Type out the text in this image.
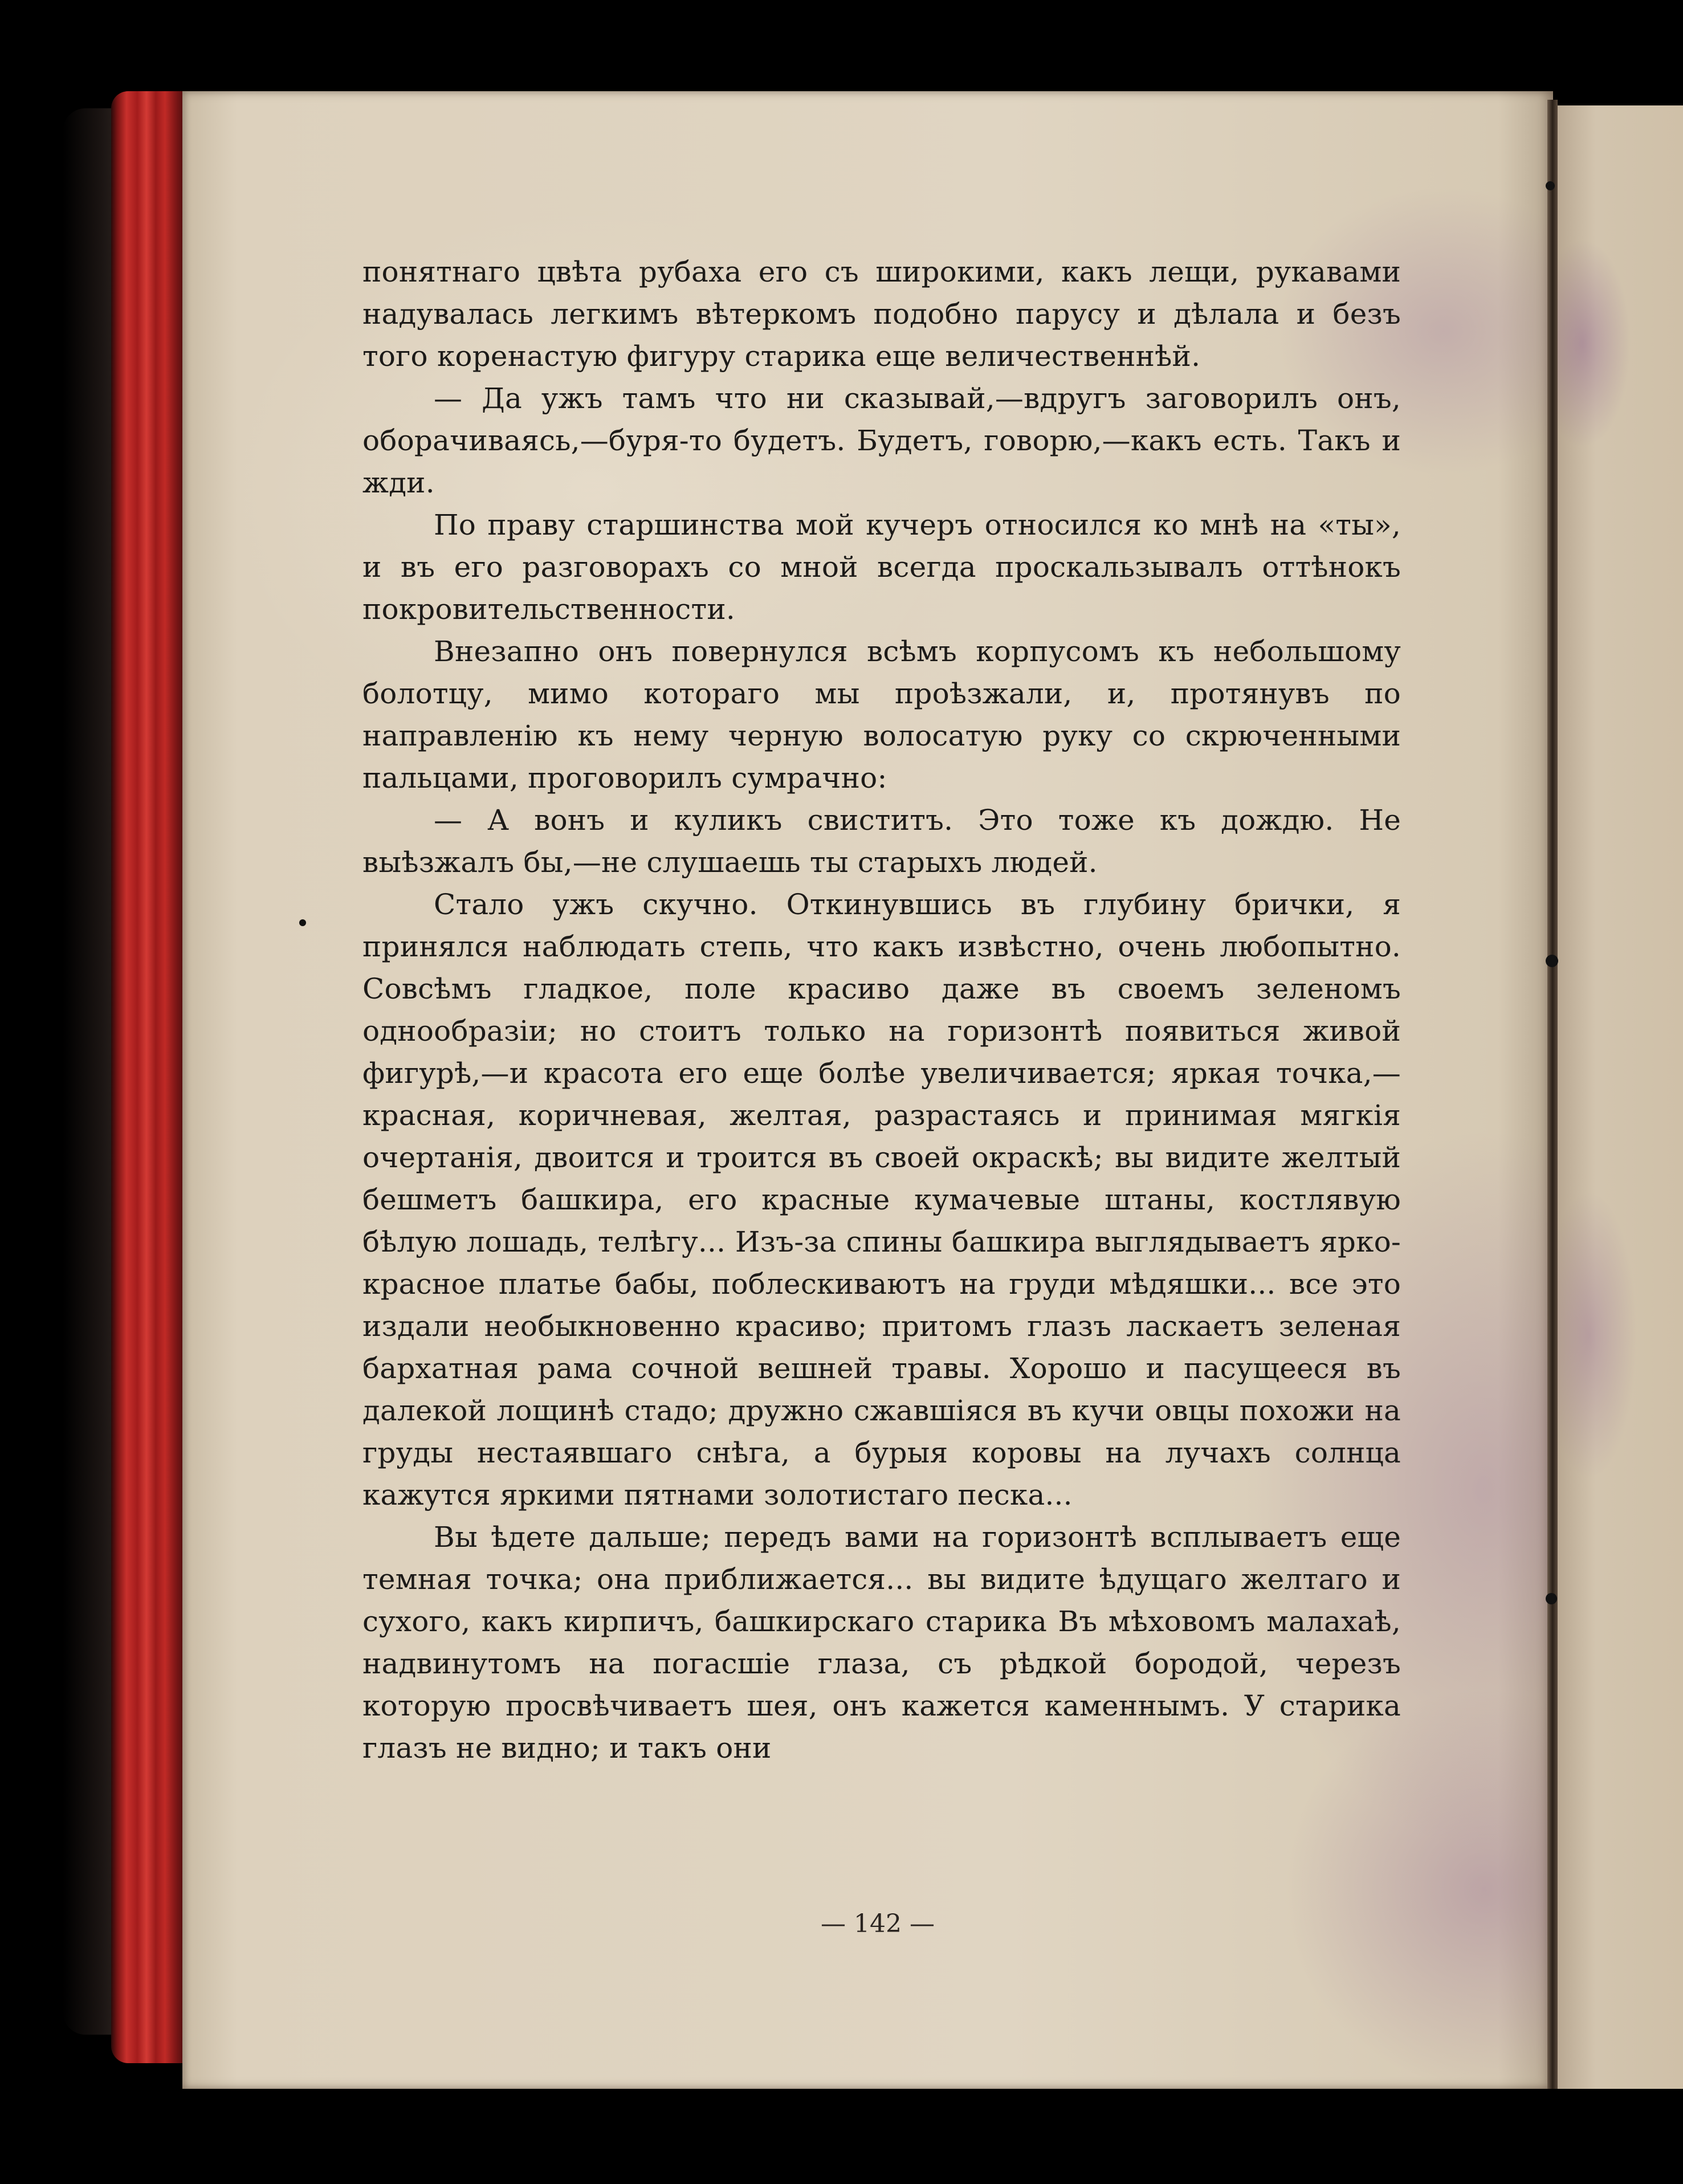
понятнаго цвѣта рубаха его съ широкими, какъ лещи, рукавами надувалась легкимъ вѣтеркомъ подобно парусу и дѣлала и безъ того коренастую фигуру старика еще величественнѣй.

— Да ужъ тамъ что ни сказывай,—вдругъ заговорилъ онъ, оборачиваясь,—буря-то будетъ. Будетъ, говорю,—какъ есть. Такъ и жди.

По праву старшинства мой кучеръ относился ко мнѣ на «ты», и въ его разговорахъ со мной всегда проскальзывалъ оттѣнокъ покровительственности.

Внезапно онъ повернулся всѣмъ корпусомъ къ небольшому болотцу, мимо котораго мы проѣзжали, и, протянувъ по направленію къ нему черную волосатую руку со скрюченными пальцами, проговорилъ сумрачно:

— А вонъ и куликъ свиститъ. Это тоже къ дождю. Не выѣзжалъ бы,—не слушаешь ты старыхъ людей.

Стало ужъ скучно. Откинувшись въ глубину брички, я принялся наблюдать степь, что какъ извѣстно, очень любопытно. Совсѣмъ гладкое, поле красиво даже въ своемъ зеленомъ однообразіи; но стоитъ только на горизонтѣ появиться живой фигурѣ,—и красота его еще болѣе увеличивается; яркая точка,—красная, коричневая, желтая, разрастаясь и принимая мягкія очертанія, двоится и троится въ своей окраскѣ; вы видите желтый бешметъ башкира, его красные кумачевые штаны, костлявую бѣлую лошадь, телѣгу... Изъ-за спины башкира выглядываетъ ярко-красное платье бабы, поблескиваютъ на груди мѣдяшки... все это издали необыкновенно красиво; притомъ глазъ ласкаетъ зеленая бархатная рама сочной вешней травы. Хорошо и пасущееся въ далекой лощинѣ стадо; дружно сжавшіяся въ кучи овцы похожи на груды нестаявшаго снѣга, а бурыя коровы на лучахъ солнца кажутся яркими пятнами золотистаго песка...

Вы ѣдете дальше; передъ вами на горизонтѣ всплываетъ еще темная точка; она приближается... вы видите ѣдущаго желтаго и сухого, какъ кирпичъ, башкирскаго старика Въ мѣховомъ малахаѣ, надвинутомъ на погасшіе глаза, съ рѣдкой бородой, черезъ которую просвѣчиваетъ шея, онъ кажется каменнымъ. У старика глазъ не видно; и такъ они

— 142 —
